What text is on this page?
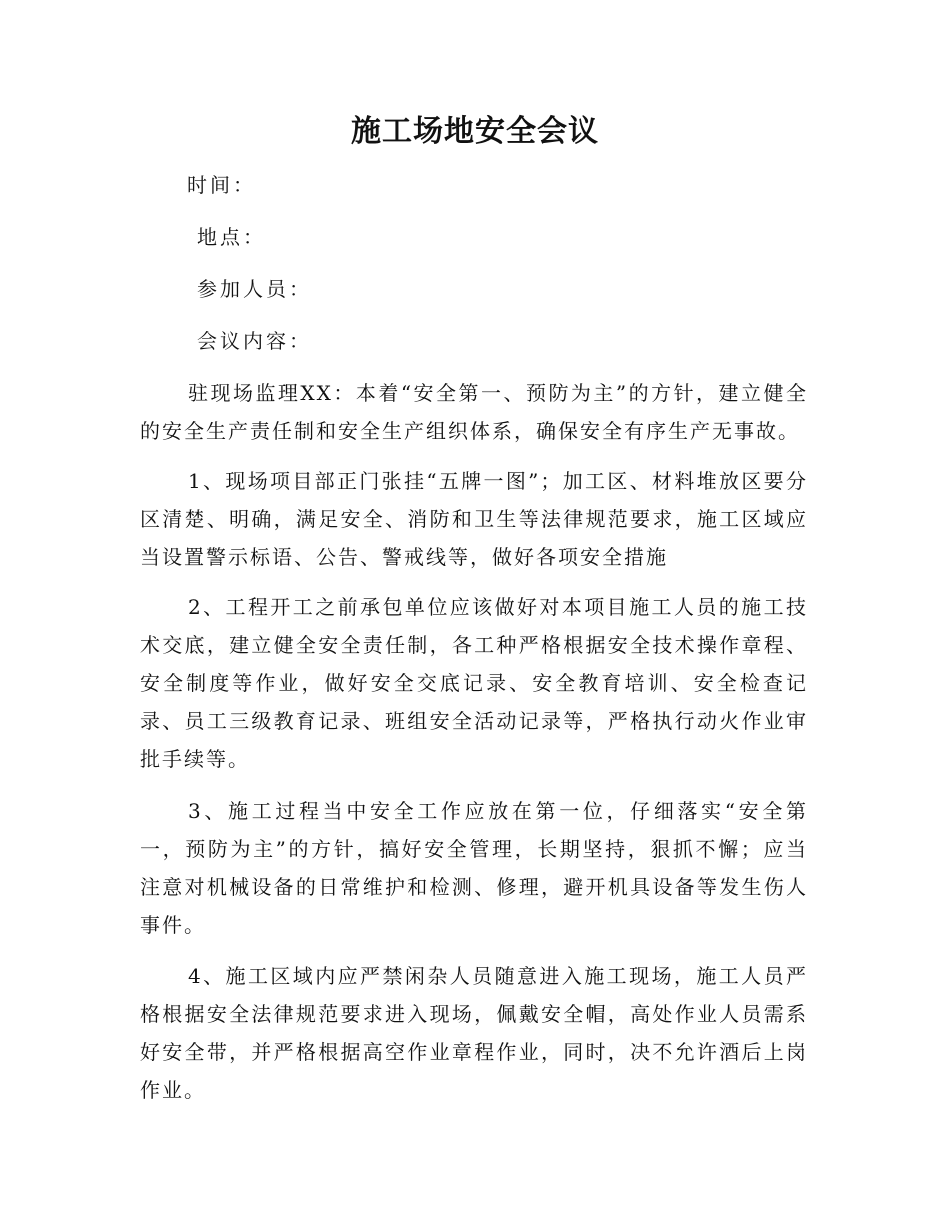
施工场地安全会议
时间：
地点：
参加人员：
会议内容：
驻现场监理XX：本着“安全第一、预防为主”的方针，建立健全的安全生产责任制和安全生产组织体系，确保安全有序生产无事故。
1、现场项目部正门张挂“五牌一图”；加工区、材料堆放区要分区清楚、明确，满足安全、消防和卫生等法律规范要求，施工区域应当设置警示标语、公告、警戒线等，做好各项安全措施
2、工程开工之前承包单位应该做好对本项目施工人员的施工技术交底，建立健全安全责任制，各工种严格根据安全技术操作章程、安全制度等作业，做好安全交底记录、安全教育培训、安全检查记录、员工三级教育记录、班组安全活动记录等，严格执行动火作业审批手续等。
3、施工过程当中安全工作应放在第一位，仔细落实“安全第一，预防为主”的方针，搞好安全管理，长期坚持，狠抓不懈；应当注意对机械设备的日常维护和检测、修理，避开机具设备等发生伤人事件。
4、施工区域内应严禁闲杂人员随意进入施工现场，施工人员严格根据安全法律规范要求进入现场，佩戴安全帽，高处作业人员需系好安全带，并严格根据高空作业章程作业，同时，决不允许酒后上岗作业。
